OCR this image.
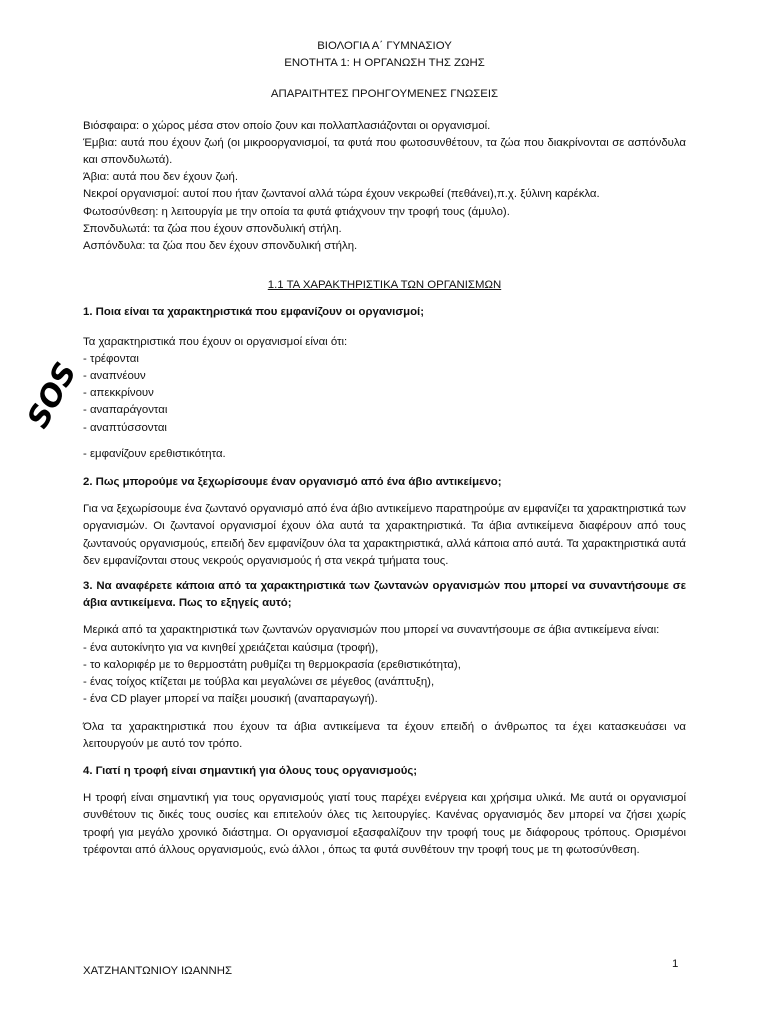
ΒΙΟΛΟΓΙΑ Α΄ ΓΥΜΝΑΣΙΟΥ
ΕΝΟΤΗΤΑ 1: Η ΟΡΓΑΝΩΣΗ ΤΗΣ ΖΩΗΣ
ΑΠΑΡΑΙΤΗΤΕΣ ΠΡΟΗΓΟΥΜΕΝΕΣ ΓΝΩΣΕΙΣ
Βιόσφαιρα: ο χώρος μέσα στον οποίο ζουν και πολλαπλασιάζονται οι οργανισμοί.
Έμβια: αυτά που έχουν ζωή (οι μικροοργανισμοί, τα φυτά που φωτοσυνθέτουν, τα ζώα που διακρίνονται σε ασπόνδυλα και σπονδυλωτά).
Άβια: αυτά που δεν έχουν ζωή.
Νεκροί οργανισμοί: αυτοί που ήταν ζωντανοί αλλά τώρα έχουν νεκρωθεί (πεθάνει),π.χ. ξύλινη καρέκλα.
Φωτοσύνθεση: η λειτουργία με την οποία τα φυτά φτιάχνουν την τροφή τους (άμυλο).
Σπονδυλωτά: τα ζώα που έχουν σπονδυλική στήλη.
Ασπόνδυλα: τα ζώα που δεν έχουν σπονδυλική στήλη.
1.1 ΤΑ ΧΑΡΑΚΤΗΡΙΣΤΙΚΑ ΤΩΝ ΟΡΓΑΝΙΣΜΩΝ
1. Ποια είναι τα χαρακτηριστικά που εμφανίζουν οι οργανισμοί;
Τα χαρακτηριστικά που έχουν οι οργανισμοί είναι ότι:
- τρέφονται
- αναπνέουν
- απεκκρίνουν
- αναπαράγονται
- αναπτύσσονται
- εμφανίζουν ερεθιστικότητα.
2. Πως μπορούμε να ξεχωρίσουμε έναν οργανισμό από ένα άβιο αντικείμενο;
Για να ξεχωρίσουμε ένα ζωντανό οργανισμό από ένα άβιο αντικείμενο παρατηρούμε αν εμφανίζει τα χαρακτηριστικά των οργανισμών. Οι ζωντανοί οργανισμοί έχουν όλα αυτά τα χαρακτηριστικά. Τα άβια αντικείμενα διαφέρουν από τους ζωντανούς οργανισμούς, επειδή δεν εμφανίζουν όλα τα χαρακτηριστικά, αλλά κάποια από αυτά. Τα χαρακτηριστικά αυτά δεν εμφανίζονται στους νεκρούς οργανισμούς ή στα νεκρά τμήματα τους.
3. Να αναφέρετε κάποια από τα χαρακτηριστικά των ζωντανών οργανισμών που μπορεί να συναντήσουμε σε άβια αντικείμενα. Πως το εξηγείς αυτό;
Μερικά από τα χαρακτηριστικά των ζωντανών οργανισμών που μπορεί να συναντήσουμε σε άβια αντικείμενα είναι:
- ένα αυτοκίνητο για να κινηθεί χρειάζεται καύσιμα (τροφή),
- το καλοριφέρ με το θερμοστάτη ρυθμίζει τη θερμοκρασία (ερεθιστικότητα),
- ένας τοίχος κτίζεται με τούβλα και μεγαλώνει σε μέγεθος (ανάπτυξη),
- ένα CD player μπορεί να παίξει μουσική (αναπαραγωγή).
Όλα τα χαρακτηριστικά που έχουν τα άβια αντικείμενα τα έχουν επειδή ο άνθρωπος τα έχει κατασκευάσει να λειτουργούν με αυτό τον τρόπο.
4. Γιατί η τροφή είναι σημαντική για όλους τους οργανισμούς;
Η τροφή είναι σημαντική για τους οργανισμούς γιατί τους παρέχει ενέργεια και χρήσιμα υλικά. Με αυτά οι οργανισμοί συνθέτουν τις δικές τους ουσίες και επιτελούν όλες τις λειτουργίες. Κανένας οργανισμός δεν μπορεί να ζήσει χωρίς τροφή για μεγάλο χρονικό διάστημα. Οι οργανισμοί εξασφαλίζουν την τροφή τους με διάφορους τρόπους. Ορισμένοι τρέφονται από άλλους οργανισμούς, ενώ άλλοι , όπως τα φυτά συνθέτουν την τροφή τους με τη φωτοσύνθεση.
SOS
1
ΧΑΤΖΗΑΝΤΩΝΙΟΥ ΙΩΑΝΝΗΣ
